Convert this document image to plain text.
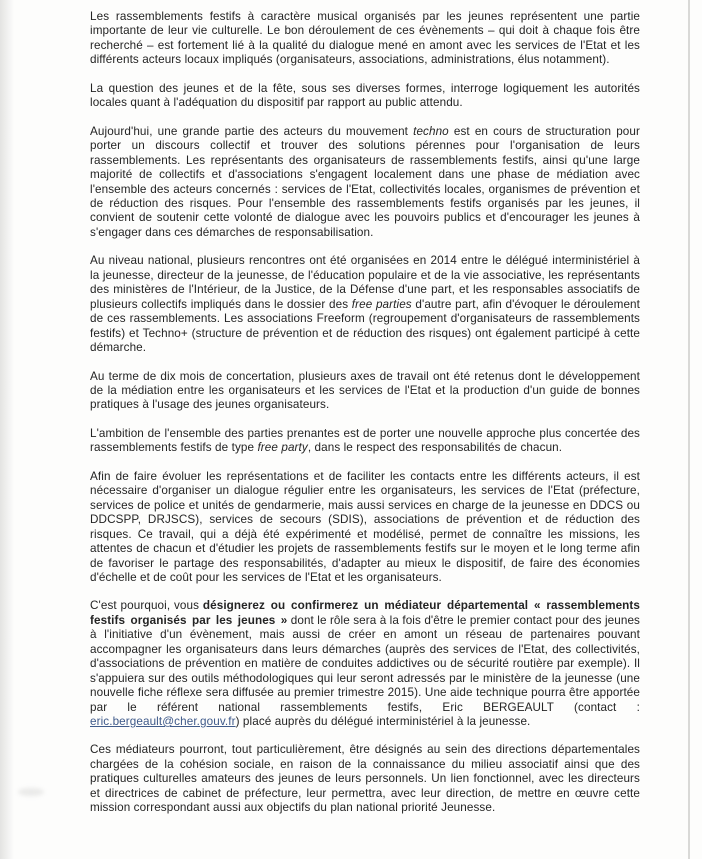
Les rassemblements festifs à caractère musical organisés par les jeunes représentent une partie importante de leur vie culturelle. Le bon déroulement de ces évènements – qui doit à chaque fois être recherché – est fortement lié à la qualité du dialogue mené en amont avec les services de l'Etat et les différents acteurs locaux impliqués (organisateurs, associations, administrations, élus notamment).

La question des jeunes et de la fête, sous ses diverses formes, interroge logiquement les autorités locales quant à l'adéquation du dispositif par rapport au public attendu.

Aujourd'hui, une grande partie des acteurs du mouvement techno est en cours de structuration pour porter un discours collectif et trouver des solutions pérennes pour l'organisation de leurs rassemblements. Les représentants des organisateurs de rassemblements festifs, ainsi qu'une large majorité de collectifs et d'associations s'engagent localement dans une phase de médiation avec l'ensemble des acteurs concernés : services de l'Etat, collectivités locales, organismes de prévention et de réduction des risques. Pour l'ensemble des rassemblements festifs organisés par les jeunes, il convient de soutenir cette volonté de dialogue avec les pouvoirs publics et d'encourager les jeunes à s'engager dans ces démarches de responsabilisation.

Au niveau national, plusieurs rencontres ont été organisées en 2014 entre le délégué interministériel à la jeunesse, directeur de la jeunesse, de l'éducation populaire et de la vie associative, les représentants des ministères de l'Intérieur, de la Justice, de la Défense d'une part, et les responsables associatifs de plusieurs collectifs impliqués dans le dossier des free parties d'autre part, afin d'évoquer le déroulement de ces rassemblements. Les associations Freeform (regroupement d'organisateurs de rassemblements festifs) et Techno+ (structure de prévention et de réduction des risques) ont également participé à cette démarche.

Au terme de dix mois de concertation, plusieurs axes de travail ont été retenus dont le développement de la médiation entre les organisateurs et les services de l'Etat et la production d'un guide de bonnes pratiques à l'usage des jeunes organisateurs.

L'ambition de l'ensemble des parties prenantes est de porter une nouvelle approche plus concertée des rassemblements festifs de type free party, dans le respect des responsabilités de chacun.

Afin de faire évoluer les représentations et de faciliter les contacts entre les différents acteurs, il est nécessaire d'organiser un dialogue régulier entre les organisateurs, les services de l'Etat (préfecture, services de police et unités de gendarmerie, mais aussi services en charge de la jeunesse en DDCS ou DDCSPP, DRJSCS), services de secours (SDIS), associations de prévention et de réduction des risques. Ce travail, qui a déjà été expérimenté et modélisé, permet de connaître les missions, les attentes de chacun et d'étudier les projets de rassemblements festifs sur le moyen et le long terme afin de favoriser le partage des responsabilités, d'adapter au mieux le dispositif, de faire des économies d'échelle et de coût pour les services de l'Etat et les organisateurs.

C'est pourquoi, vous désignerez ou confirmerez un médiateur départemental « rassemblements festifs organisés par les jeunes » dont le rôle sera à la fois d'être le premier contact pour des jeunes à l'initiative d'un évènement, mais aussi de créer en amont un réseau de partenaires pouvant accompagner les organisateurs dans leurs démarches (auprès des services de l'Etat, des collectivités, d'associations de prévention en matière de conduites addictives ou de sécurité routière par exemple). Il s'appuiera sur des outils méthodologiques qui leur seront adressés par le ministère de la jeunesse (une nouvelle fiche réflexe sera diffusée au premier trimestre 2015). Une aide technique pourra être apportée par le référent national rassemblements festifs, Eric BERGEAULT (contact : eric.bergeault@cher.gouv.fr) placé auprès du délégué interministériel à la jeunesse.

Ces médiateurs pourront, tout particulièrement, être désignés au sein des directions départementales chargées de la cohésion sociale, en raison de la connaissance du milieu associatif ainsi que des pratiques culturelles amateurs des jeunes de leurs personnels. Un lien fonctionnel, avec les directeurs et directrices de cabinet de préfecture, leur permettra, avec leur direction, de mettre en œuvre cette mission correspondant aussi aux objectifs du plan national priorité Jeunesse.
